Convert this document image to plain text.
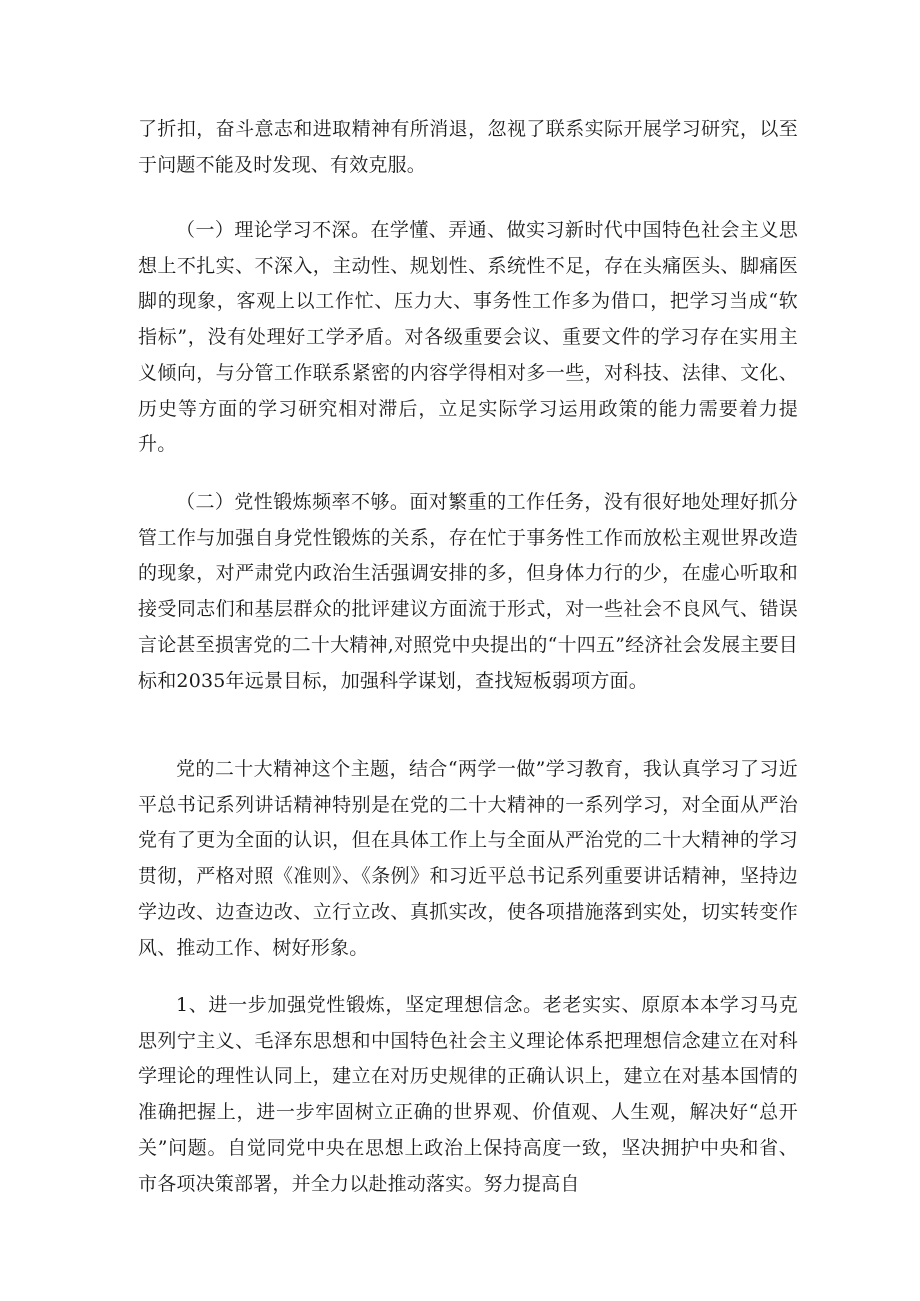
了折扣，奋斗意志和进取精神有所消退，忽视了联系实际开展学习研究，以至于问题不能及时发现、有效克服。

（一）理论学习不深。在学懂、弄通、做实习新时代中国特色社会主义思想上不扎实、不深入，主动性、规划性、系统性不足，存在头痛医头、脚痛医脚的现象，客观上以工作忙、压力大、事务性工作多为借口，把学习当成“软指标”，没有处理好工学矛盾。对各级重要会议、重要文件的学习存在实用主义倾向，与分管工作联系紧密的内容学得相对多一些，对科技、法律、文化、历史等方面的学习研究相对滞后，立足实际学习运用政策的能力需要着力提升。

（二）党性锻炼频率不够。面对繁重的工作任务，没有很好地处理好抓分管工作与加强自身党性锻炼的关系，存在忙于事务性工作而放松主观世界改造的现象，对严肃党内政治生活强调安排的多，但身体力行的少，在虚心听取和接受同志们和基层群众的批评建议方面流于形式，对一些社会不良风气、错误言论甚至损害党的二十大精神,对照党中央提出的“十四五”经济社会发展主要目标和2035年远景目标，加强科学谋划，查找短板弱项方面。

党的二十大精神这个主题，结合“两学一做”学习教育，我认真学习了习近平总书记系列讲话精神特别是在党的二十大精神的一系列学习，对全面从严治党有了更为全面的认识，但在具体工作上与全面从严治党的二十大精神的学习贯彻，严格对照《准则》、《条例》和习近平总书记系列重要讲话精神，坚持边学边改、边查边改、立行立改、真抓实改，使各项措施落到实处，切实转变作风、推动工作、树好形象。

1、进一步加强党性锻炼，坚定理想信念。老老实实、原原本本学习马克思列宁主义、毛泽东思想和中国特色社会主义理论体系把理想信念建立在对科学理论的理性认同上，建立在对历史规律的正确认识上，建立在对基本国情的准确把握上，进一步牢固树立正确的世界观、价值观、人生观，解决好“总开关”问题。自觉同党中央在思想上政治上保持高度一致，坚决拥护中央和省、市各项决策部署，并全力以赴推动落实。努力提高自
